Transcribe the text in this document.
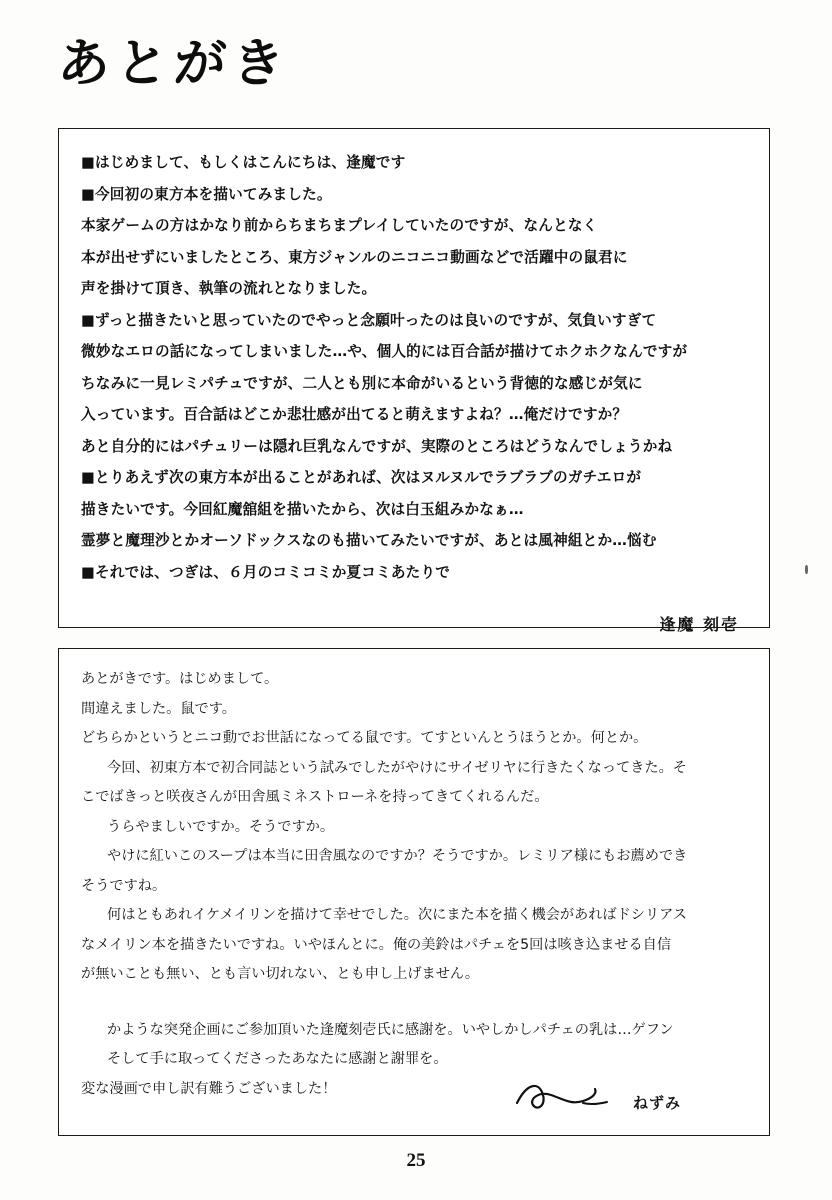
あとがき

■はじめまして、もしくはこんにちは、逢魔です

■今回初の東方本を描いてみました。

本家ゲームの方はかなり前からちまちまプレイしていたのですが、なんとなく

本が出せずにいましたところ、東方ジャンルのニコニコ動画などで活躍中の鼠君に

声を掛けて頂き、執筆の流れとなりました。

■ずっと描きたいと思っていたのでやっと念願叶ったのは良いのですが、気負いすぎて

微妙なエロの話になってしまいました…や、個人的には百合話が描けてホクホクなんですが

ちなみに一見レミパチュですが、二人とも別に本命がいるという背徳的な感じが気に

入っています。百合話はどこか悲壮感が出てると萌えますよね？…俺だけですか？

あと自分的にはパチュリーは隠れ巨乳なんですが、実際のところはどうなんでしょうかね

■とりあえず次の東方本が出ることがあれば、次はヌルヌルでラブラブのガチエロが

描きたいです。今回紅魔舘組を描いたから、次は白玉組みかなぁ…

霊夢と魔理沙とかオーソドックスなのも描いてみたいですが、あとは風神組とか…悩む

■それでは、つぎは、６月のコミコミか夏コミあたりで

逢魔 刻壱

あとがきです。はじめまして。

間違えました。鼠です。

どちらかというとニコ動でお世話になってる鼠です。てすといんとうほうとか。何とか。

今回、初東方本で初合同誌という試みでしたがやけにサイゼリヤに行きたくなってきた。そ

こでばきっと咲夜さんが田舎風ミネストローネを持ってきてくれるんだ。

うらやましいですか。そうですか。

やけに紅いこのスープは本当に田舎風なのですか？そうですか。レミリア様にもお薦めでき

そうですね。

何はともあれイケメイリンを描けて幸せでした。次にまた本を描く機会があればドシリアス

なメイリン本を描きたいですね。いやほんとに。俺の美鈴はパチェを5回は咳き込ませる自信

が無いことも無い、とも言い切れない、とも申し上げません。

かような突発企画にご参加頂いた逢魔刻壱氏に感謝を。いやしかしパチェの乳は…ゲフン

そして手に取ってくださったあなたに感謝と謝罪を。

変な漫画で申し訳有難うございました！

ねずみ
25
